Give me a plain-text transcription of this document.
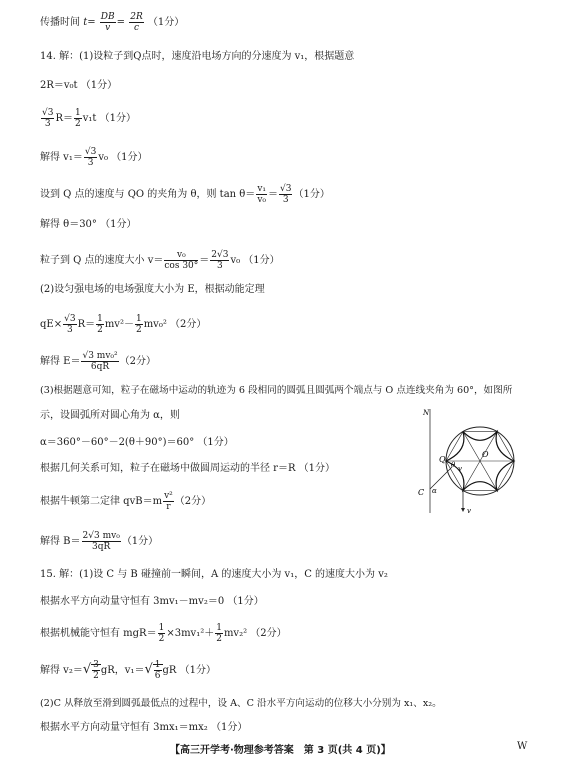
传播时间 $t= \frac{DB}{v} = \frac{2R}{c} (1$分）
14. 解：(1)设粒子到Q点时，速度沿电场方向的分速度为 v₁，根据题意
2R＝v₀t （1分）
$\frac{√3}{3} R= \frac{1}{2} v_1t$ （1分）
解得 $v_1= \frac{√3}{3} v_0$ （1分）
设到 Q 点的速度与 QO 的夹角为 θ，则 $\tan \theta= \frac{\text{v₁}}{\text{v₀}} = \frac{√3}{3} (1$分）
解得 θ＝30° （1分）
粒子到 Q 点的速度大小 $v= \frac{\text{v₀}}{\cos 30^\circ} = \frac{2√3}{3} v_0$ （1分）
(2)设匀强电场的电场强度大小为 E，根据动能定理
$qE\times \frac{√3}{3} R= \frac{1}{2} mv^2- \frac{1}{2} mv_0^2$ （2分）
解得 $E= \frac{\text{√3 mv₀²}}{6qR} (2$分）
(3)根据题意可知，粒子在磁场中运动的轨迹为 6 段相同的圆弧且圆弧两个端点与 O 点连线夹角为 60°，如图所
示，设圆弧所对圆心角为 α，则
α＝360°－60°－2(θ＋90°)＝60° （1分）
根据几何关系可知，粒子在磁场中做圆周运动的半径 r＝R （1分）
根据牛顿第二定律 $qvB=m \frac{\text{v²}}{r} (2$分）
解得 $B= \frac{\text{2√3 mv₀}}{3qR} (1$分）
15. 解：(1)设 C 与 B 碰撞前一瞬间，A 的速度大小为 v₁，C 的速度大小为 v₂
根据水平方向动量守恒有 3mv₁－mv₂＝0 （1分）
根据机械能守恒有 $mgR= \frac{1}{2} \times 3mv_1^2+ \frac{1}{2} mv_2^2$ （2分）
解得 $v_2=√ \frac{3}{2}$ gR，$v_1=√ \frac{1}{6}$ gR （1分）
(2)C 从释放至滑到圆弧最低点的过程中，设 A、C 沿水平方向运动的位移大小分别为 x₁、x₂。
根据水平方向动量守恒有 3mx₁＝mx₂ （1分）
N
Q
O
v
θ
C α
v
【高三开学考·物理参考答案　第 3 页(共 4 页)】	W
